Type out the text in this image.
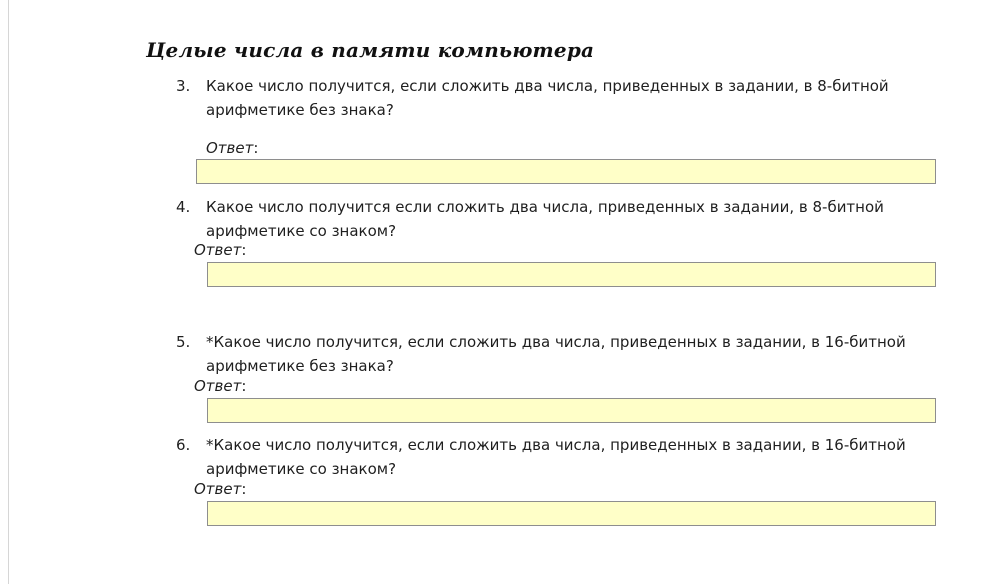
Целые числа в памяти компьютера
3. Какое число получится, если сложить два числа, приведенных в задании, в 8-битной арифметике без знака?
Ответ:
4. Какое число получится если сложить два числа, приведенных в задании, в 8-битной арифметике со знаком?
Ответ:
5. *Какое число получится, если сложить два числа, приведенных в задании, в 16-битной арифметике без знака?
Ответ:
6. *Какое число получится, если сложить два числа, приведенных в задании, в 16-битной арифметике со знаком?
Ответ:
